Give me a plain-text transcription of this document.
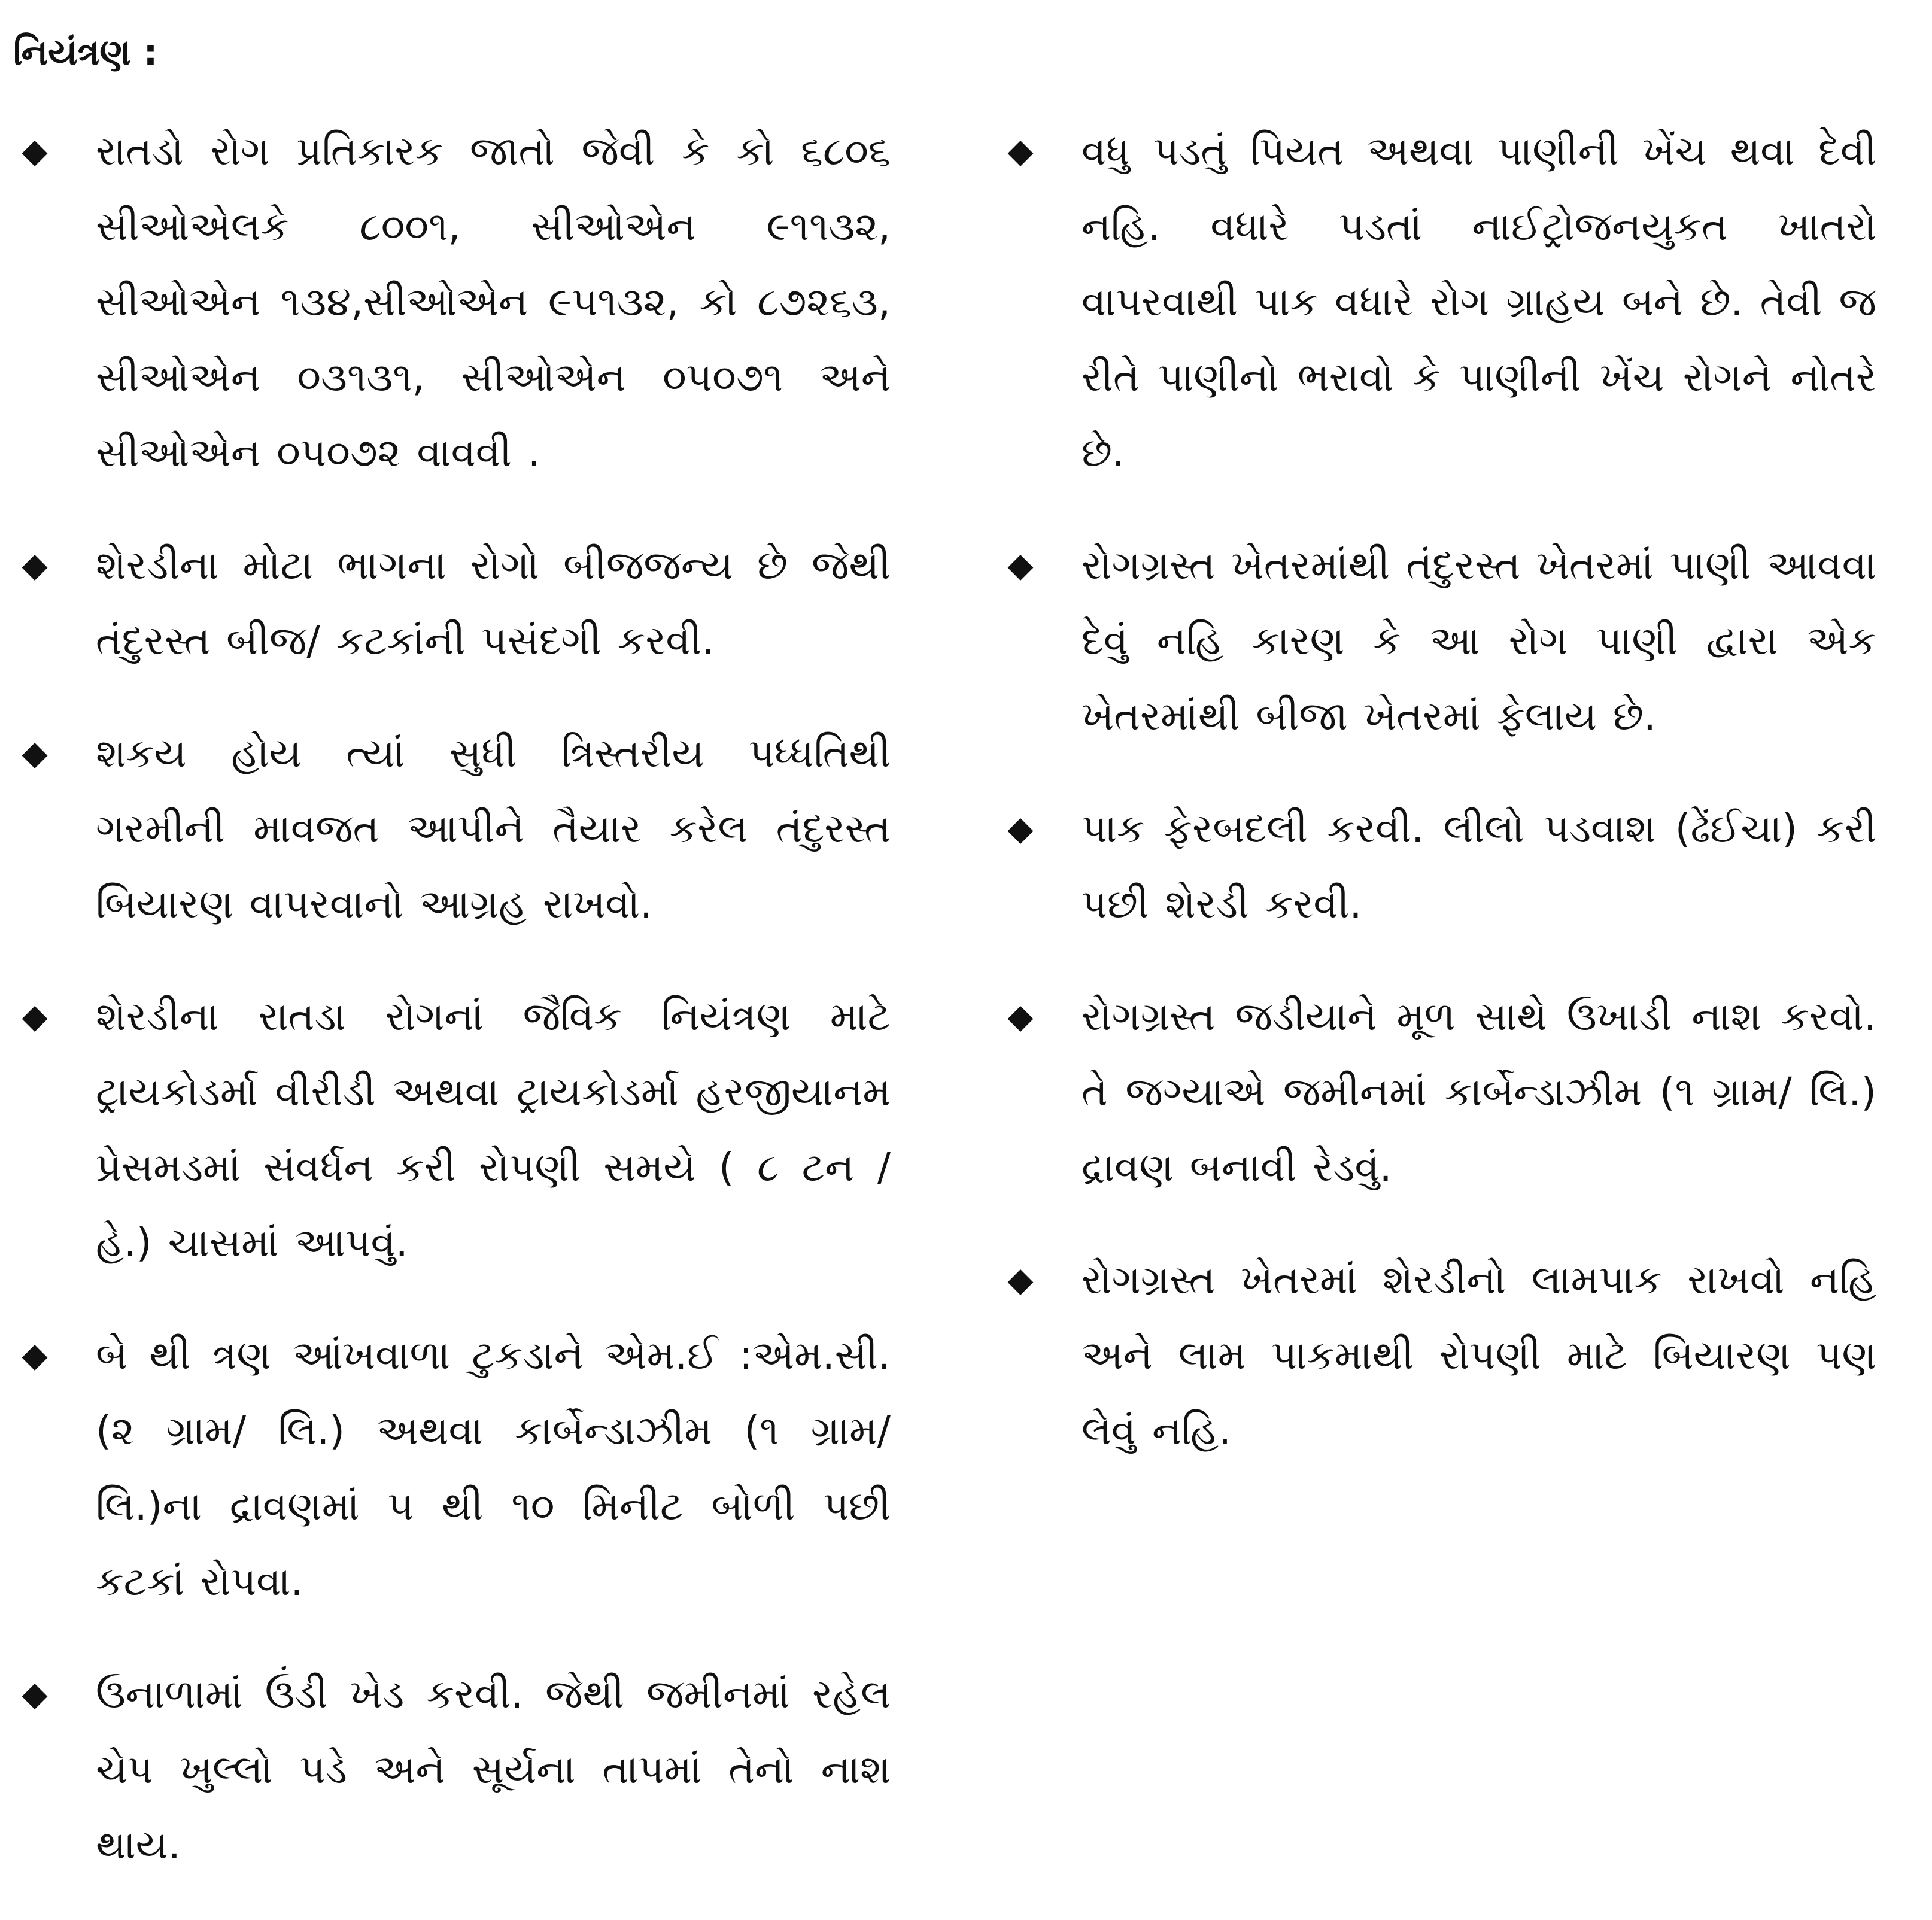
નિયંત્રણ :
◆ રાતડો રોગ પ્રતિકારક જાતો જેવી કે કો ૬૮૦૬ સીઓએલકે ૮૦૦૧, સીઓએન ૯૧૧૩૨, સીઓએન ૧૩૪,સીઓએન ૯૫૧૩૨, કો ૮૭૨૬૩, સીઓએન ૦૩૧૩૧, સીઓએન ૦૫૦૭૧ અને સીઓએન ૦૫૦૭૨ વાવવી .
◆ શેરડીના મોટા ભાગના રોગો બીજજન્ય છે જેથી તંદુરસ્ત બીજ/ કટકાંની પસંદગી કરવી.
◆ શકય હોય ત્યાં સુધી ત્રિસ્તરીય પધ્ધતિથી ગરમીની માવજત આપીને તૈયાર કરેલ તંદુરસ્ત બિયારણ વાપરવાનો આગ્રહ રાખવો.
◆ શેરડીના રાતડા રોગનાં જૈવિક નિયંત્રણ માટે ટ્રાયકોડર્મા વીરીડી અથવા ટ્રાયકોડર્મા હરજીયાનમ પ્રેસમડમાં સંવર્ધન કરી રોપણી સમયે ( ૮ ટન / હે.) ચાસમાં આપવું.
◆ બે થી ત્રણ આંખવાળા ટુકડાને એમ.ઈ :એમ.સી. (૨ ગ્રામ/ લિ.) અથવા કાર્બેન્ડાઝીમ (૧ ગ્રામ/ લિ.)ના દ્રાવણમાં ૫ થી ૧૦ મિનીટ બોળી પછી કટકાં રોપવા.
◆ ઉનાળામાં ઉંડી ખેડ કરવી. જેથી જમીનમાં રહેલ ચેપ ખુલ્લો પડે અને સૂર્યના તાપમાં તેનો નાશ થાય.
◆ વધુ પડતું પિયત અથવા પાણીની ખેંચ થવા દેવી નહિ. વધારે પડતાં નાઈટ્રોજનયુકત ખાતરો વાપરવાથી પાક વધારે રોગ ગ્રાહય બને છે. તેવી જ રીતે પાણીનો ભરાવો કે પાણીની ખેંચ રોગને નોતરે છે.
◆ રોગગ્રસ્ત ખેતરમાંથી તંદુરસ્ત ખેતરમાં પાણી આવવા દેવું નહિ કારણ કે આ રોગ પાણી દ્વારા એક ખેતરમાંથી બીજા ખેતરમાં ફેલાય છે.
◆ પાક ફેરબદલી કરવી. લીલો પડવાશ (ઢેંઈચા) કરી પછી શેરડી કરવી.
◆ રોગગ્રસ્ત જડીયાને મૂળ સાથે ઉખાડી નાશ કરવો. તે જગ્યાએ જમીનમાં કાર્બેન્ડાઝીમ (૧ ગ્રામ/ લિ.) દ્રાવણ બનાવી રેડવું.
◆ રોગગ્રસ્ત ખેતરમાં શેરડીનો લામપાક રાખવો નહિ અને લામ પાકમાથી રોપણી માટે બિયારણ પણ લેવું નહિ.
